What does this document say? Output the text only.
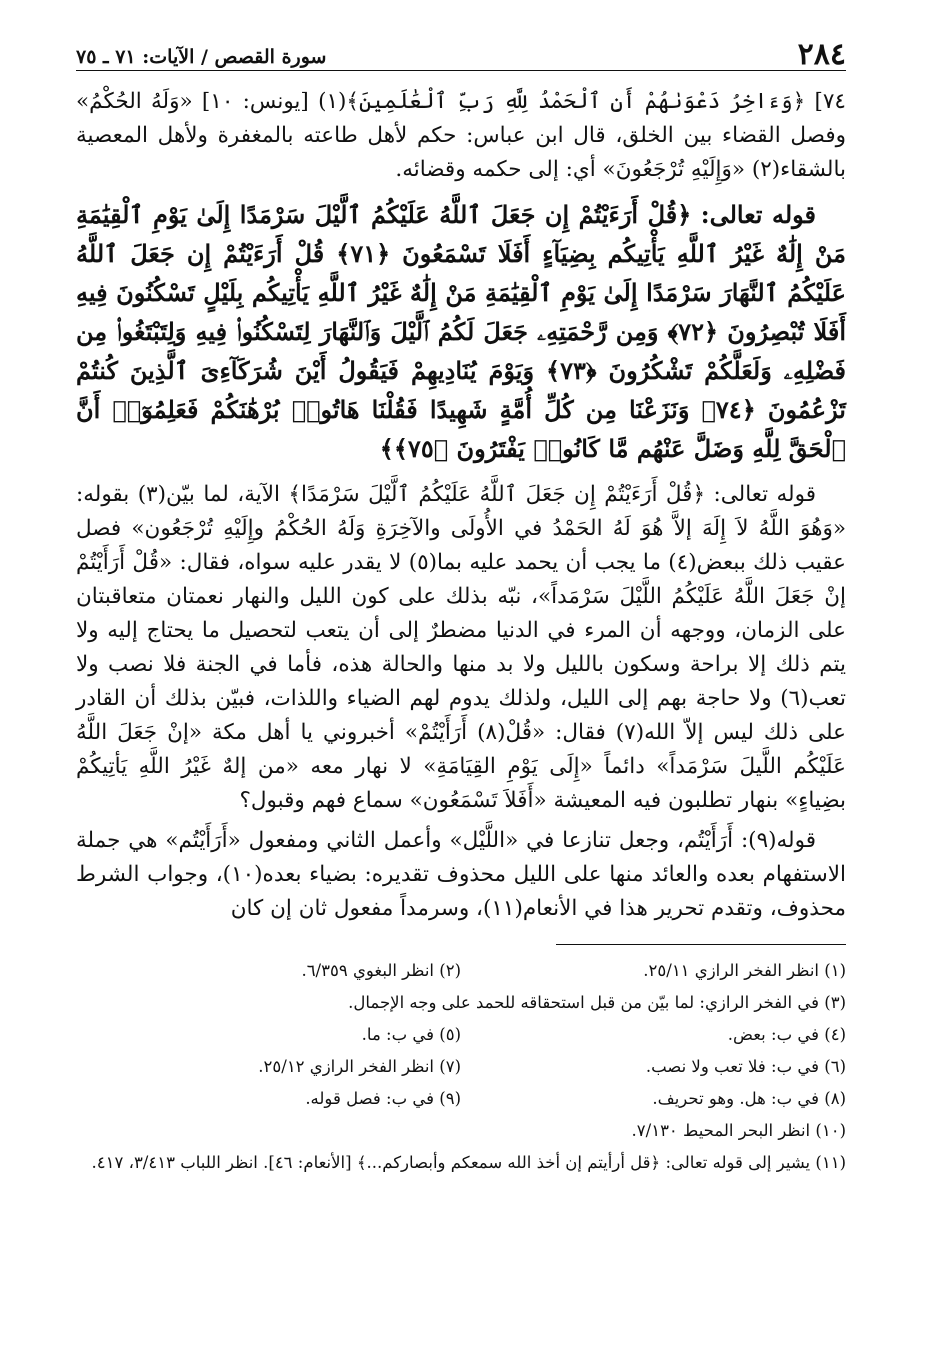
٢٨٤
سورة القصص / الآيات: ٧١ ـ ٧٥

٧٤] ﴿وَءَاخِرُ دَعْوَىٰهُمْ أَنِ ٱلْحَمْدُ لِلَّهِ رَبِّ ٱلْعَٰلَمِينَ﴾(١) [يونس: ١٠] «وَلَهُ الحُكْمُ» وفصل القضاء بين الخلق، قال ابن عباس: حكم لأهل طاعته بالمغفرة ولأهل المعصية بالشقاء(٢) «وَإِلَيْهِ تُرْجَعُونَ» أي: إلى حكمه وقضائه.

قوله تعالى: ﴿قُلْ أَرَءَيْتُمْ إِن جَعَلَ ٱللَّهُ عَلَيْكُمُ ٱلَّيْلَ سَرْمَدًا إِلَىٰ يَوْمِ ٱلْقِيَٰمَةِ مَنْ إِلَٰهٌ غَيْرُ ٱللَّهِ يَأْتِيكُم بِضِيَآءٍ أَفَلَا تَسْمَعُونَ ﴿٧١﴾ قُلْ أَرَءَيْتُمْ إِن جَعَلَ ٱللَّهُ عَلَيْكُمُ ٱلنَّهَارَ سَرْمَدًا إِلَىٰ يَوْمِ ٱلْقِيَٰمَةِ مَنْ إِلَٰهٌ غَيْرُ ٱللَّهِ يَأْتِيكُم بِلَيْلٍ تَسْكُنُونَ فِيهِ أَفَلَا تُبْصِرُونَ ﴿٧٢﴾ وَمِن رَّحْمَتِهِۦ جَعَلَ لَكُمُ ٱلَّيْلَ وَٱلنَّهَارَ لِتَسْكُنُوا۟ فِيهِ وَلِتَبْتَغُوا۟ مِن فَضْلِهِۦ وَلَعَلَّكُمْ تَشْكُرُونَ ﴿٧٣﴾ وَيَوْمَ يُنَادِيهِمْ فَيَقُولُ أَيْنَ شُرَكَآءِىَ ٱلَّذِينَ كُنتُمْ تَزْعُمُونَ ﴿٧٤﴾ وَنَزَعْنَا مِن كُلِّ أُمَّةٍ شَهِيدًا فَقُلْنَا هَاتُوا۟ بُرْهَٰنَكُمْ فَعَلِمُوٓا۟ أَنَّ ٱلْحَقَّ لِلَّهِ وَضَلَّ عَنْهُم مَّا كَانُوا۟ يَفْتَرُونَ ﴿٧٥﴾﴾

قوله تعالى: ﴿قُلْ أَرَءَيْتُمْ إِن جَعَلَ ٱللَّهُ عَلَيْكُمُ ٱلَّيْلَ سَرْمَدًا﴾ الآية، لما بيّن(٣) بقوله: «وَهُوَ اللَّهُ لاَ إِلَهَ إلاَّ هُوَ لَهُ الحَمْدُ في الأُولَى والآخِرَةِ وَلَهُ الحُكْمُ وإِلَيْهِ تُرْجَعُون» فصل عقيب ذلك ببعض(٤) ما يجب أن يحمد عليه بما(٥) لا يقدر عليه سواه، فقال: «قُلْ أَرَأَيْتُمْ إنْ جَعَلَ اللَّهُ عَلَيْكُمُ اللَّيْلَ سَرْمَداً»، نبّه بذلك على كون الليل والنهار نعمتان متعاقبتان على الزمان، ووجهه أن المرء في الدنيا مضطرٌ إلى أن يتعب لتحصيل ما يحتاج إليه ولا يتم ذلك إلا براحة وسكون بالليل ولا بد منها والحالة هذه، فأما في الجنة فلا نصب ولا تعب(٦) ولا حاجة بهم إلى الليل، ولذلك يدوم لهم الضياء واللذات، فبيّن بذلك أن القادر على ذلك ليس إلاّ الله(٧) فقال: «قُلْ(٨) أَرَأَيْتُمْ» أخبروني يا أهل مكة «إنْ جَعَلَ اللَّهُ عَلَيْكُم اللَّيلَ سَرْمَداً» دائماً «إِلَى يَوْمِ القِيَامَةِ» لا نهار معه «من إلهٌ غَيْرُ اللَّهِ يَأتِيكُمْ بضِياءٍ» بنهار تطلبون فيه المعيشة «أَفَلاَ تَسْمَعُون» سماع فهم وقبول؟

قوله(٩): أَرَأَيْتُم، وجعل تنازعا في «اللَّيْل» وأعمل الثاني ومفعول «أَرَأَيْتُم» هي جملة الاستفهام بعده والعائد منها على الليل محذوف تقديره: بضياء بعده(١٠)، وجواب الشرط محذوف، وتقدم تحرير هذا في الأنعام(١١)، وسرمداً مفعول ثان إن كان

(١) انظر الفخر الرازي ٢٥/١١.
(٢) انظر البغوي ٦/٣٥٩.
(٣) في الفخر الرازي: لما بيّن من قبل استحقاقه للحمد على وجه الإجمال.
(٤) في ب: بعض.
(٥) في ب: ما.
(٦) في ب: فلا تعب ولا نصب.
(٧) انظر الفخر الرازي ٢٥/١٢.
(٨) في ب: هل. وهو تحريف.
(٩) في ب: فصل قوله.
(١٠) انظر البحر المحيط ٧/١٣٠.
(١١) يشير إلى قوله تعالى: ﴿قل أرأيتم إن أخذ الله سمعكم وأبصاركم...﴾ [الأنعام: ٤٦]. انظر اللباب ٣/٤١٣، ٤١٧.
